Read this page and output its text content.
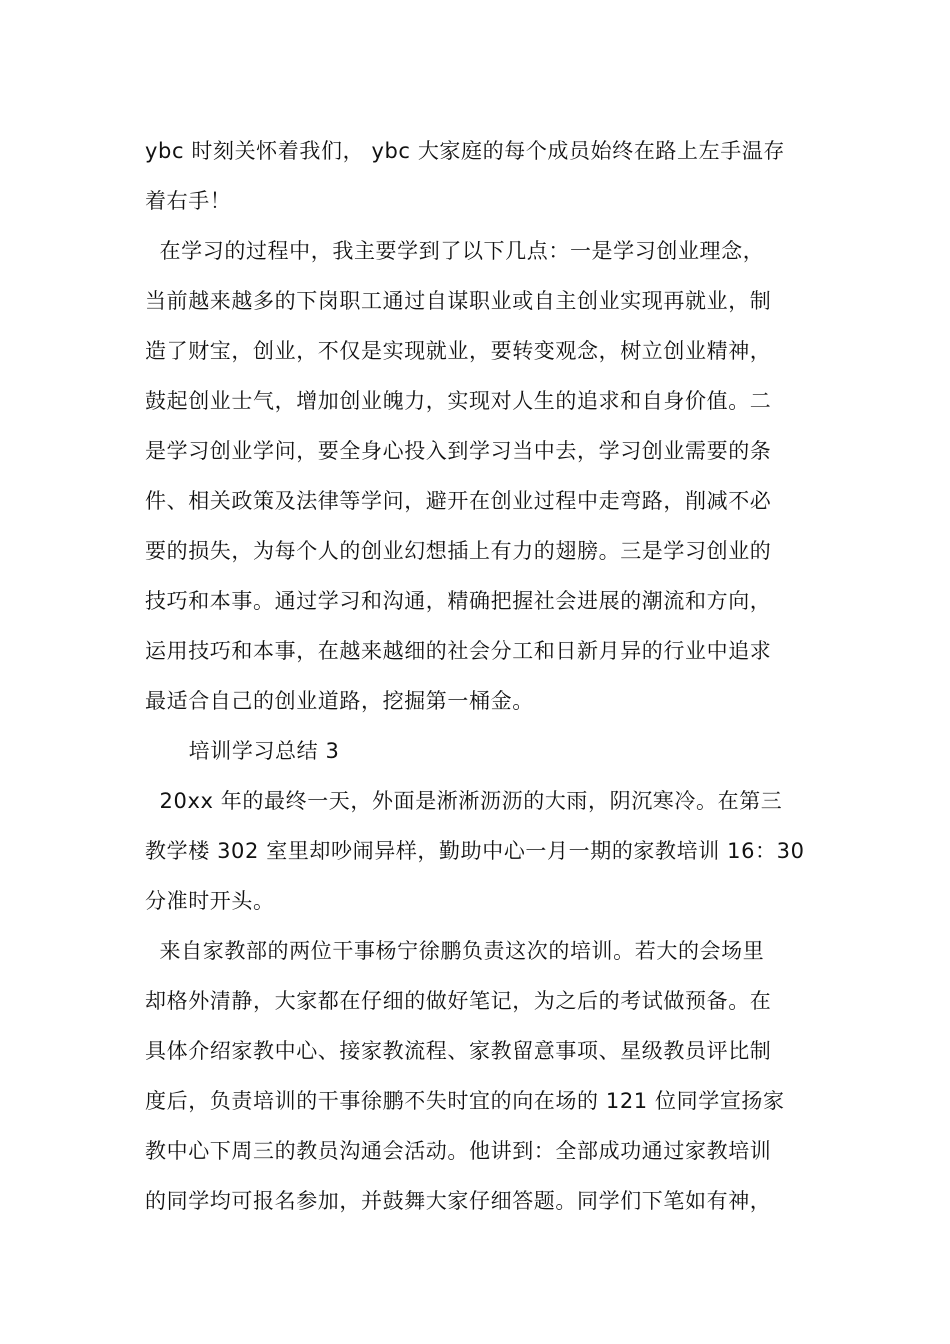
ybc 时刻关怀着我们， ybc 大家庭的每个成员始终在路上左手温存
着右手！
在学习的过程中，我主要学到了以下几点：一是学习创业理念，
当前越来越多的下岗职工通过自谋职业或自主创业实现再就业，制
造了财宝，创业，不仅是实现就业，要转变观念，树立创业精神，
鼓起创业士气，增加创业魄力，实现对人生的追求和自身价值。二
是学习创业学问，要全身心投入到学习当中去，学习创业需要的条
件、相关政策及法律等学问，避开在创业过程中走弯路，削减不必
要的损失，为每个人的创业幻想插上有力的翅膀。三是学习创业的
技巧和本事。通过学习和沟通，精确把握社会进展的潮流和方向，
运用技巧和本事，在越来越细的社会分工和日新月异的行业中追求
最适合自己的创业道路，挖掘第一桶金。
培训学习总结 3
20xx 年的最终一天，外面是淅淅沥沥的大雨，阴沉寒冷。在第三
教学楼 302 室里却吵闹异样，勤助中心一月一期的家教培训 16：30
分准时开头。
来自家教部的两位干事杨宁徐鹏负责这次的培训。若大的会场里
却格外清静，大家都在仔细的做好笔记，为之后的考试做预备。在
具体介绍家教中心、接家教流程、家教留意事项、星级教员评比制
度后，负责培训的干事徐鹏不失时宜的向在场的 121 位同学宣扬家
教中心下周三的教员沟通会活动。他讲到：全部成功通过家教培训
的同学均可报名参加，并鼓舞大家仔细答题。同学们下笔如有神，
